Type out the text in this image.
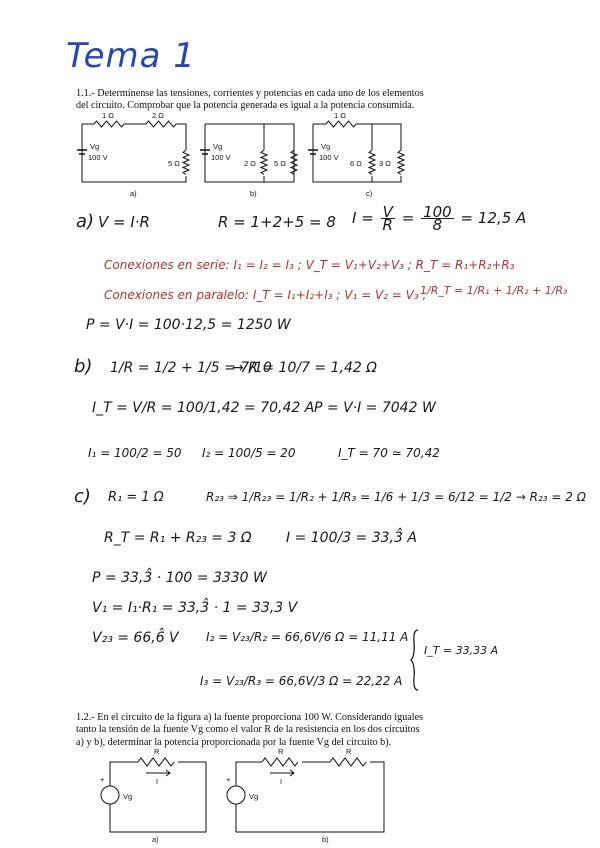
Tema 1
1.1.- Determínense las tensiones, corrientes y potencias en cada uno de los elementos del circuito. Comprobar que la potencia generada es igual a la potencia consumida.
1 Ω	2 Ω
5 Ω
Vg
100 V
a)
Vg
100 V
2 Ω 5 Ω
b)
1 Ω
Vg
100 V
6 Ω 3 Ω
c)
a) V = I·R	R = 1+2+5 = 8 $I = \frac{V}{R} = \frac{100}{8} = 12,5$ A
Conexiones en serie: I₁ = I₂ = I₃ ; V_T = V₁+V₂+V₃ ; R_T = R₁+R₂+R₃
Conexiones en paralelo: I_T = I₁+I₂+I₃ ; V₁ = V₂ = V₃ ;
1/R_T = 1/R₁ + 1/R₂ + 1/R₃
P = V·I = 100·12,5 = 1250 W
b) 1/R = 1/2 + 1/5 = 7/10
→ R = 10/7 = 1,42 Ω
I_T = V/R = 100/1,42 = 70,42 A P = V·I = 7042 W
I₁ = 100/2 = 50 I₂ = 100/5 = 20	I_T = 70 ≃ 70,42
c) R₁ = 1 Ω	R₂₃ ⇒ 1/R₂₃ = 1/R₂ + 1/R₃ = 1/6 + 1/3 = 6/12 = 1/2 → R₂₃ = 2 Ω
R_T = R₁ + R₂₃ = 3 Ω I = 100/3 = 33,3̂ A
P = 33,3̂ · 100 = 3330 W
V₁ = I₁·R₁ = 33,3̂ · 1 = 33,3 V
V₂₃ = 66,6̂ V I₂ = V₂₃/R₂ = 66,6V/6 Ω = 11,11 A
I₃ = V₂₃/R₃ = 66,6V/3 Ω = 22,22 A
I_T = 33,33 A
1.2.- En el circuito de la figura a) la fuente proporciona 100 W. Considerando iguales tanto la tensión de la fuente Vg como el valor R de la resistencia en los dos circuitos a) y b), determinar la potencia proporcionada por la fuente Vg del circuito b).
R
I
+
Vg
a)
R	R
I
+
Vg
b)
